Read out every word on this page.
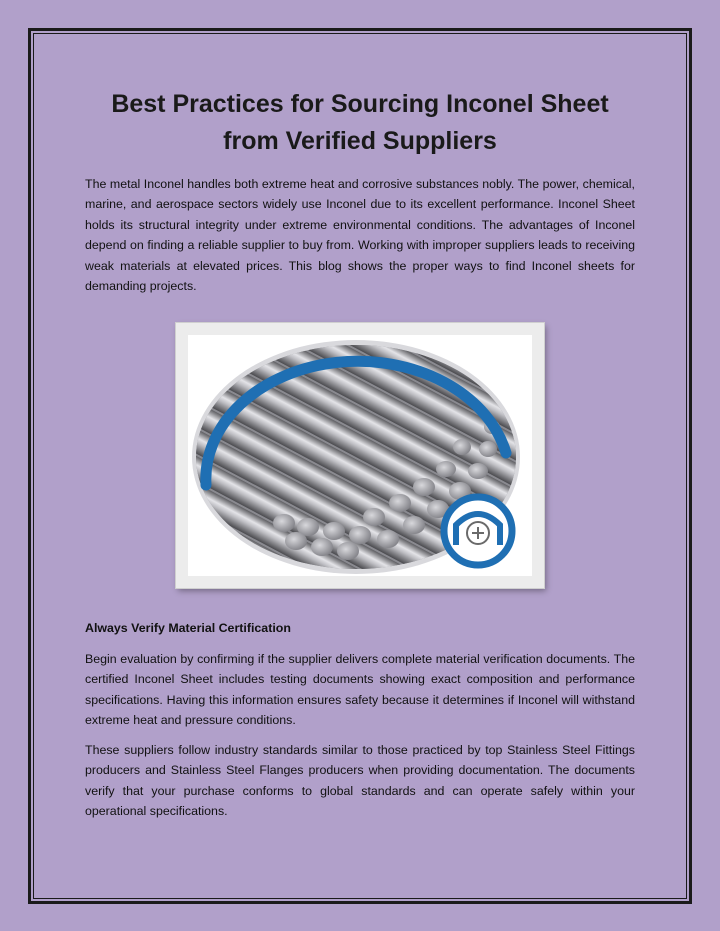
Best Practices for Sourcing Inconel Sheet from Verified Suppliers

The metal Inconel handles both extreme heat and corrosive substances nobly. The power, chemical, marine, and aerospace sectors widely use Inconel due to its excellent performance. Inconel Sheet holds its structural integrity under extreme environmental conditions. The advantages of Inconel depend on finding a reliable supplier to buy from. Working with improper suppliers leads to receiving weak materials at elevated prices. This blog shows the proper ways to find Inconel sheets for demanding projects.

Always Verify Material Certification

Begin evaluation by confirming if the supplier delivers complete material verification documents. The certified Inconel Sheet includes testing documents showing exact composition and performance specifications. Having this information ensures safety because it determines if Inconel will withstand extreme heat and pressure conditions.

These suppliers follow industry standards similar to those practiced by top Stainless Steel Fittings producers and Stainless Steel Flanges producers when providing documentation. The documents verify that your purchase conforms to global standards and can operate safely within your operational specifications.
